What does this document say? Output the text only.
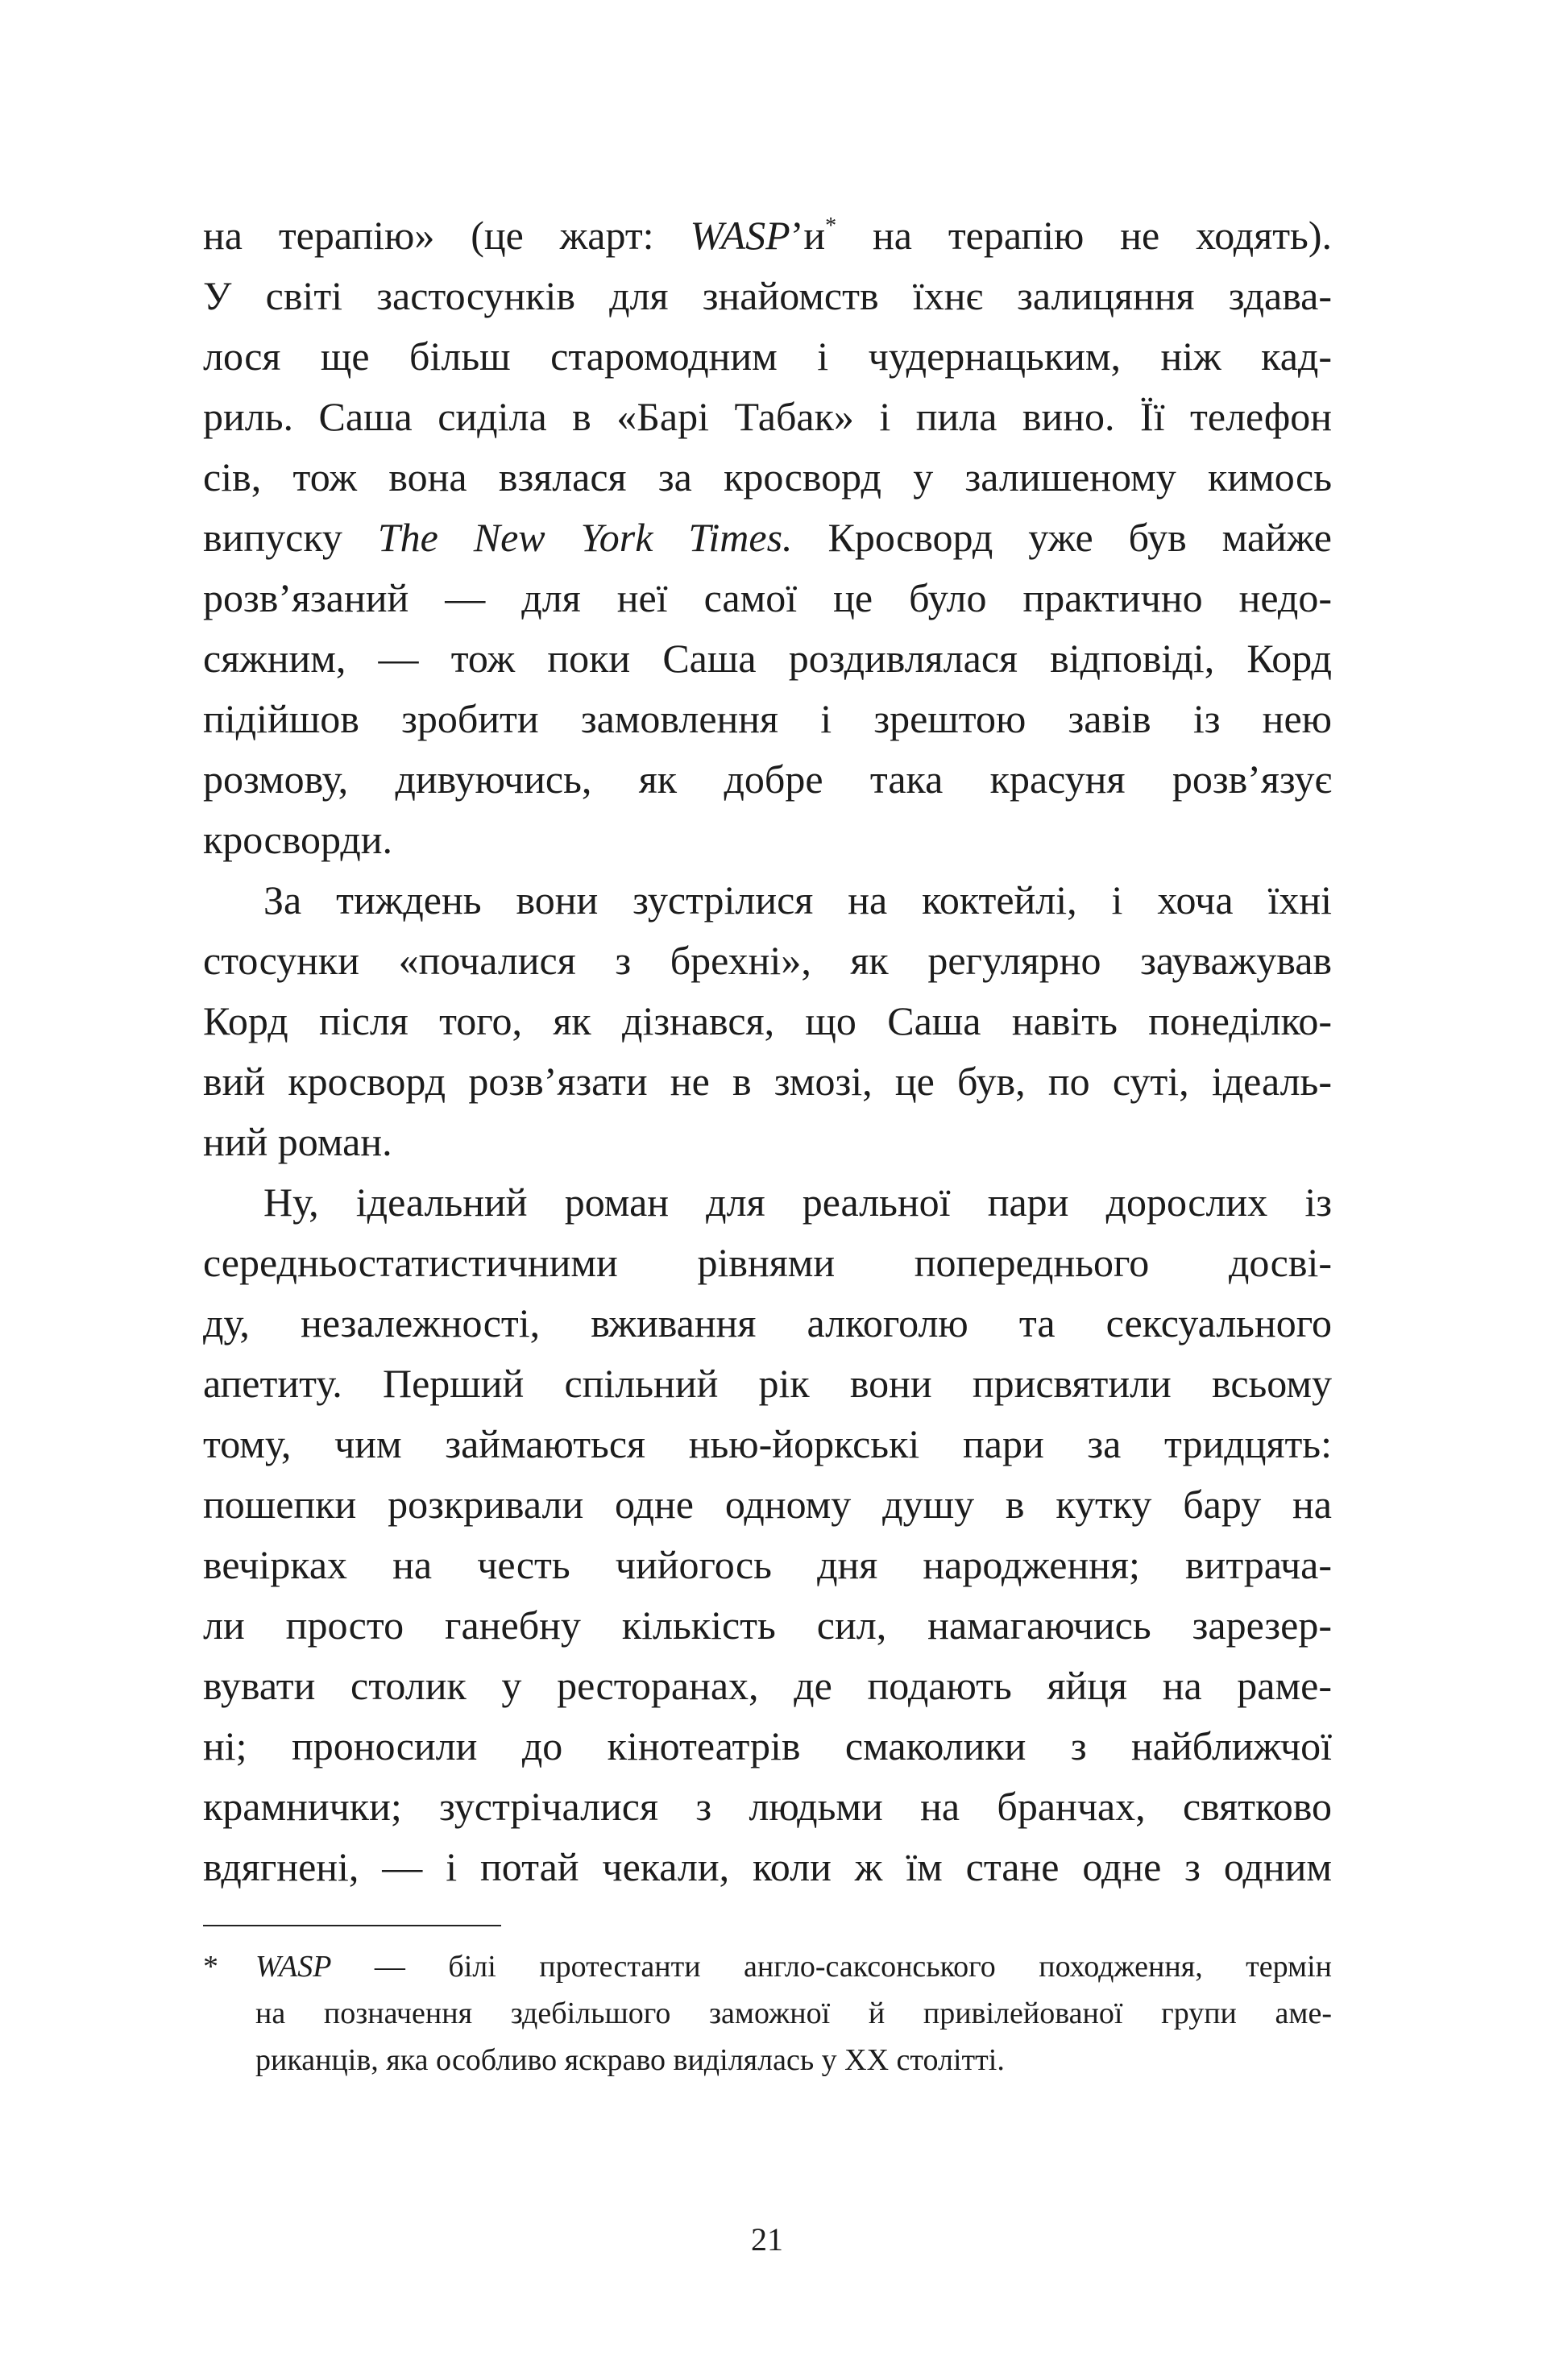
на терапію» (це жарт: WASP’и* на терапію не ходять).
У світі застосунків для знайомств їхнє залицяння здава-
лося ще більш старомодним і чудернацьким, ніж кад-
риль. Саша сиділа в «Барі Табак» і пила вино. Її телефон
сів, тож вона взялася за кросворд у залишеному кимось
випуску The New York Times. Кросворд уже був майже
розв’язаний — для неї самої це було практично недо-
сяжним, — тож поки Саша роздивлялася відповіді, Корд
підійшов зробити замовлення і зрештою завів із нею
розмову, дивуючись, як добре така красуня розв’язує
кросворди.
За тиждень вони зустрілися на коктейлі, і хоча їхні
стосунки «почалися з брехні», як регулярно зауважував
Корд після того, як дізнався, що Саша навіть понеділко-
вий кросворд розв’язати не в змозі, це був, по суті, ідеаль-
ний роман.
Ну, ідеальний роман для реальної пари дорослих із
середньостатистичними рівнями попереднього досві-
ду, незалежності, вживання алкоголю та сексуального
апетиту. Перший спільний рік вони присвятили всьому
тому, чим займаються нью-йоркські пари за тридцять:
пошепки розкривали одне одному душу в кутку бару на
вечірках на честь чийогось дня народження; витрача-
ли просто ганебну кількість сил, намагаючись зарезер-
вувати столик у ресторанах, де подають яйця на раме-
ні; проносили до кінотеатрів смаколики з найближчої
крамнички; зустрічалися з людьми на бранчах, святково
вдягнені, — і потай чекали, коли ж їм стане одне з одним
*	WASP — білі протестанти англо-саксонського походження, термін
на позначення здебільшого заможної й привілейованої групи аме-
риканців, яка особливо яскраво виділялась у XX столітті.
21
